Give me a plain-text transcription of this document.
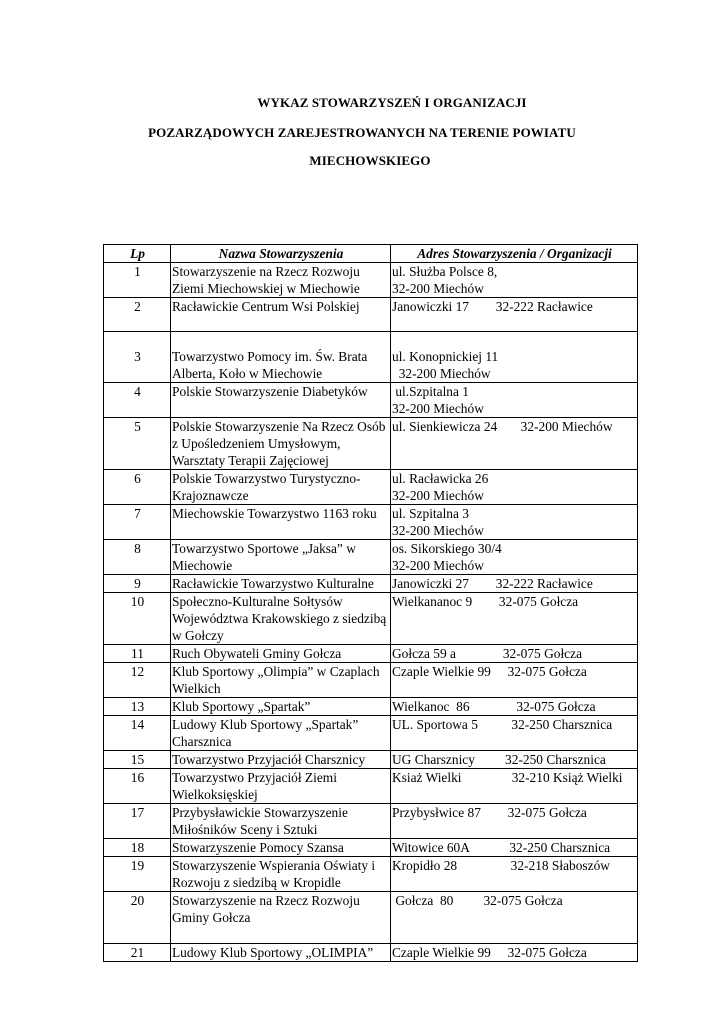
WYKAZ STOWARZYSZEŃ I ORGANIZACJI
POZARZĄDOWYCH ZAREJESTROWANYCH NA TERENIE POWIATU
MIECHOWSKIEGO
Lp	Nazwa Stowarzyszenia	Adres Stowarzyszenia / Organizacji
1	Stowarzyszenie na Rzecz Rozwoju Ziemi Miechowskiej w Miechowie	ul. Służba Polsce 8,
32-200 Miechów
2	Racławickie Centrum Wsi Polskiej	Janowiczki 17        32-222 Racławice
3	Towarzystwo Pomocy im. Św. Brata Alberta, Koło w Miechowie	ul. Konopnickiej 11
32-200 Miechów
4	Polskie Stowarzyszenie Diabetyków	ul.Szpitalna 1
32-200 Miechów
5	Polskie Stowarzyszenie Na Rzecz Osób z Upośledzeniem Umysłowym, Warsztaty Terapii Zajęciowej	ul. Sienkiewicza 24       32-200 Miechów
6	Polskie Towarzystwo Turystyczno-Krajoznawcze	ul. Racławicka 26
32-200 Miechów
7	Miechowskie Towarzystwo 1163 roku	ul. Szpitalna 3
32-200 Miechów
8	Towarzystwo Sportowe „Jaksa” w Miechowie	os. Sikorskiego 30/4
32-200 Miechów
9	Racławickie Towarzystwo Kulturalne	Janowiczki 27        32-222 Racławice
10	Społeczno-Kulturalne Sołtysów Województwa Krakowskiego z siedzibą w Gołczy	Wielkananoc 9        32-075 Gołcza
11	Ruch Obywateli Gminy Gołcza	Gołcza 59 a              32-075 Gołcza
12	Klub Sportowy „Olimpia” w Czaplach Wielkich	Czaple Wielkie 99     32-075 Gołcza
13	Klub Sportowy „Spartak”	Wielkanoc  86              32-075 Gołcza
14	Ludowy Klub Sportowy „Spartak” Charsznica	UL. Sportowa 5          32-250 Charsznica
15	Towarzystwo Przyjaciół Charsznicy	UG Charsznicy         32-250 Charsznica
16	Towarzystwo Przyjaciół Ziemi Wielkoksięskiej	Ksiaż Wielki               32-210 Książ Wielki
17	Przybysławickie Stowarzyszenie Miłośników Sceny i Sztuki	Przybysłwice 87        32-075 Gołcza
18	Stowarzyszenie Pomocy Szansa	Witowice 60A            32-250 Charsznica
19	Stowarzyszenie Wspierania Oświaty i Rozwoju z siedzibą w Kropidle	Kropidło 28                32-218 Słaboszów
20	Stowarzyszenie na Rzecz Rozwoju Gminy Gołcza	Gołcza  80         32-075 Gołcza
21	Ludowy Klub Sportowy „OLIMPIA”	Czaple Wielkie 99     32-075 Gołcza
